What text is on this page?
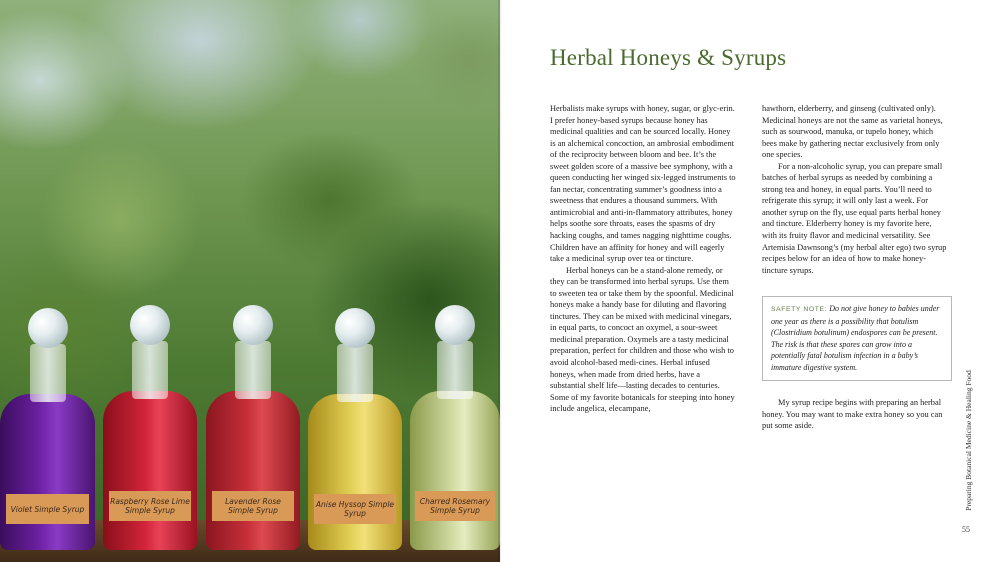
Violet Simple Syrup
Raspberry Rose Lime Simple Syrup
Lavender Rose Simple Syrup
Anise Hyssop Simple Syrup
Charred Rosemary Simple Syrup
Herbal Honeys & Syrups

Herbalists make syrups with honey, sugar, or glyc-erin. I prefer honey-based syrups because honey has medicinal qualities and can be sourced locally. Honey is an alchemical concoction, an ambrosial embodiment of the reciprocity between bloom and bee. It’s the sweet golden score of a massive bee symphony, with a queen conducting her winged six-legged instruments to fan nectar, concentrating summer’s goodness into a sweetness that endures a thousand summers. With antimicrobial and anti-in-flammatory attributes, honey helps soothe sore throats, eases the spasms of dry hacking coughs, and tames nagging nighttime coughs. Children have an affinity for honey and will eagerly take a medicinal syrup over tea or tincture.

Herbal honeys can be a stand-alone remedy, or they can be transformed into herbal syrups. Use them to sweeten tea or take them by the spoonful. Medicinal honeys make a handy base for diluting and flavoring tinctures. They can be mixed with medicinal vinegars, in equal parts, to concoct an oxymel, a sour-sweet medicinal preparation. Oxymels are a tasty medicinal preparation, perfect for children and those who wish to avoid alcohol-based medi-cines. Herbal infused honeys, when made from dried herbs, have a substantial shelf life—lasting decades to centuries. Some of my favorite botanicals for steeping into honey include angelica, elecampane,

hawthorn, elderberry, and ginseng (cultivated only). Medicinal honeys are not the same as varietal honeys, such as sourwood, manuka, or tupelo honey, which bees make by gathering nectar exclusively from only one species.

For a non-alcoholic syrup, you can prepare small batches of herbal syrups as needed by combining a strong tea and honey, in equal parts. You’ll need to refrigerate this syrup; it will only last a week. For another syrup on the fly, use equal parts herbal honey and tincture. Elderberry honey is my favorite here, with its fruity flavor and medicinal versatility. See Artemisia Dawnsong’s (my herbal alter ego) two syrup recipes below for an idea of how to make honey-tincture syrups.

SAFETY NOTE: Do not give honey to babies under one year as there is a possibility that botulism (Clostridium botulinum) endospores can be present. The risk is that these spores can grow into a potentially fatal botulism infection in a baby’s immature digestive system.

My syrup recipe begins with preparing an herbal honey. You may want to make extra honey so you can put some aside.	Preparing Botanical Medicine & Healing Food
55
